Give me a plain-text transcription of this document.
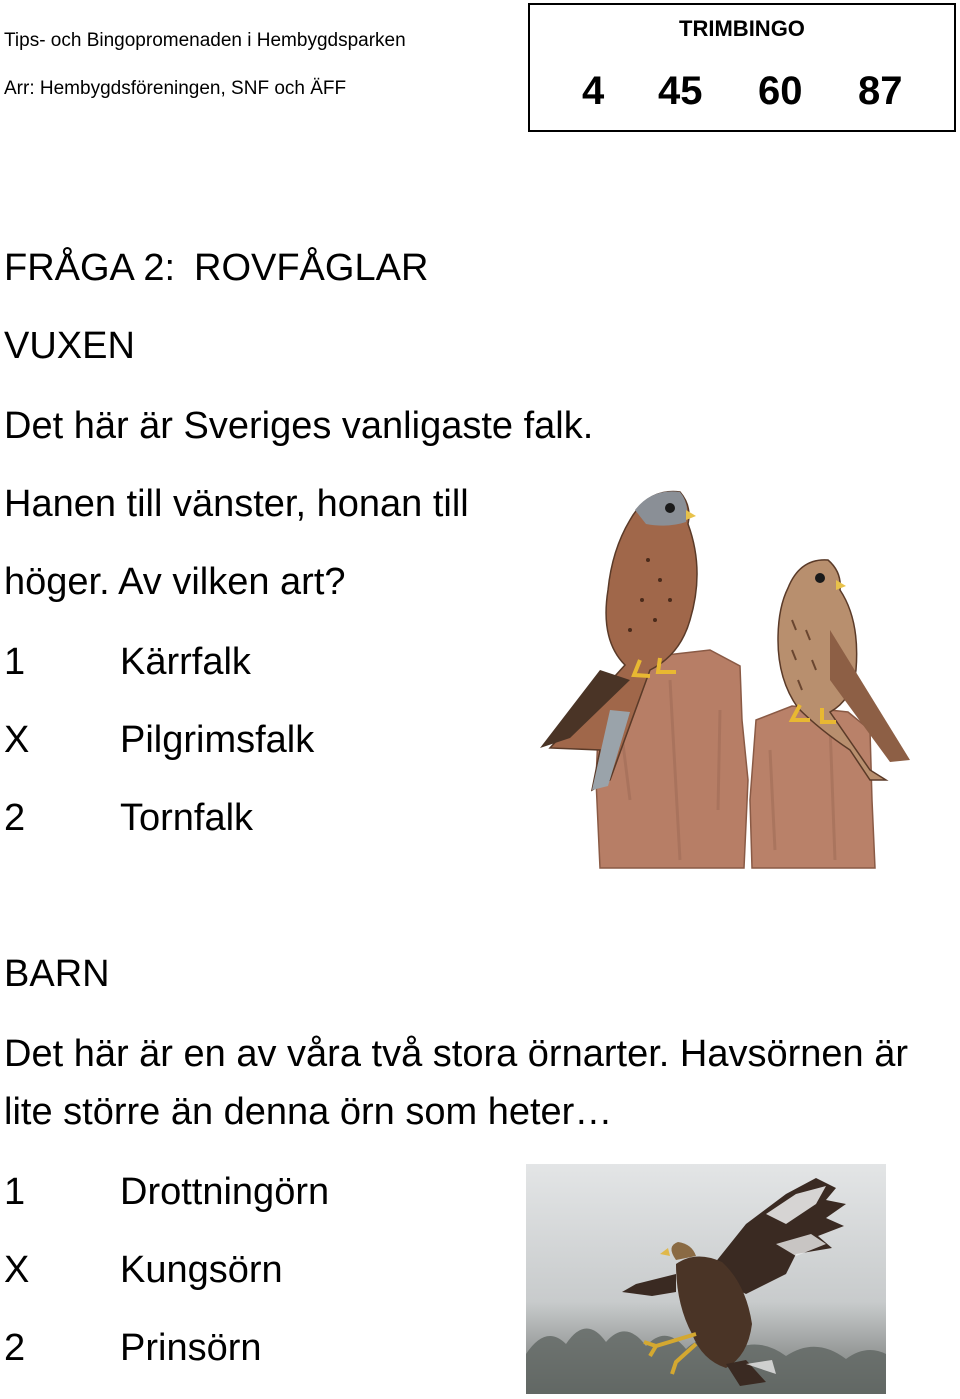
Tips- och Bingopromenaden i Hembygdsparken
Arr: Hembygdsföreningen, SNF och ÄFF
TRIMBINGO
4 45 60 87
FRÅGA 2: ROVFÅGLAR
VUXEN
Det här är Sveriges vanligaste falk.
Hanen till vänster, honan till
höger. Av vilken art?
1 Kärrfalk
X Pilgrimsfalk
2 Tornfalk
BARN
Det här är en av våra två stora örnarter. Havsörnen är
lite större än denna örn som heter…
1 Drottningörn
X Kungsörn
2 Prinsörn
